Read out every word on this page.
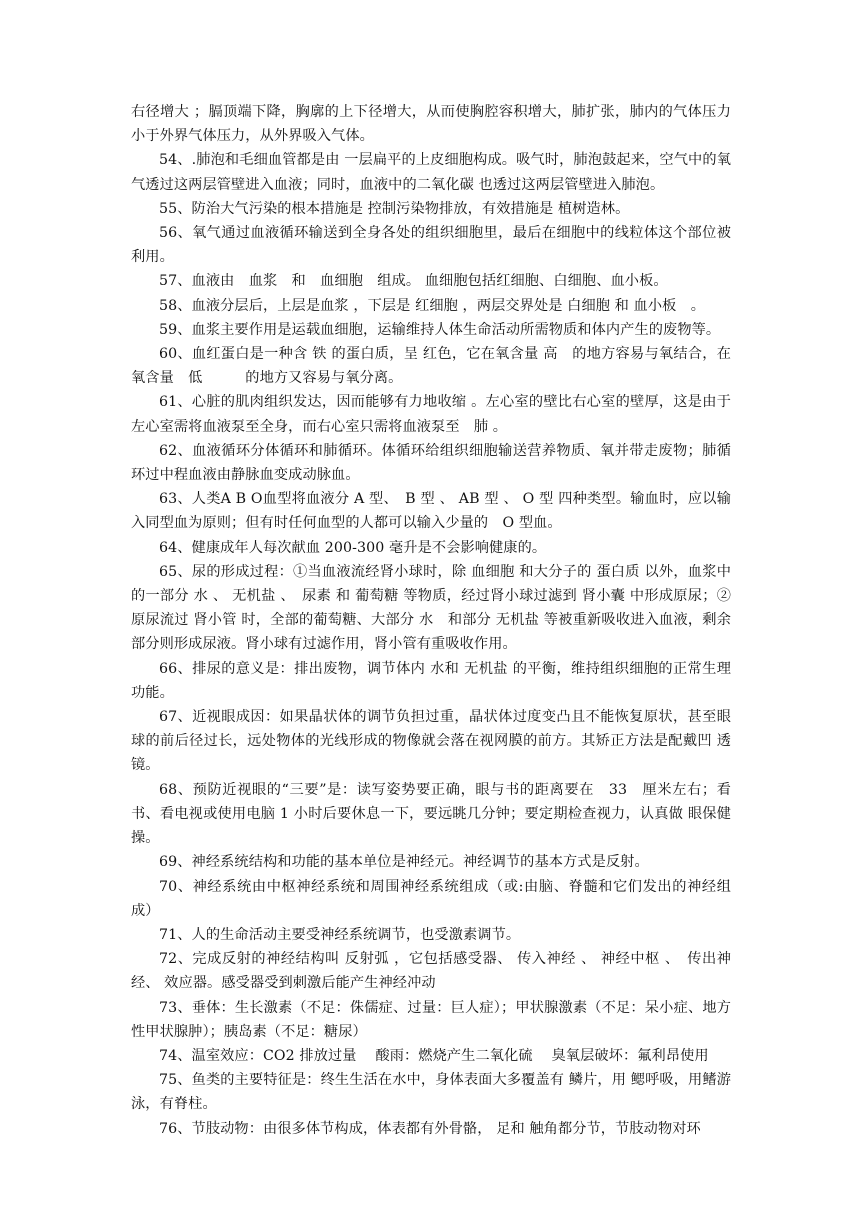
右径增大 ；膈顶端下降，胸廓的上下径增大，从而使胸腔容积增大，肺扩张，肺内的气体压力小于外界气体压力，从外界吸入气体。

54、.肺泡和毛细血管都是由 一层扁平的上皮细胞构成。吸气时，肺泡鼓起来，空气中的氧气透过这两层管壁进入血液；同时，血液中的二氧化碳 也透过这两层管壁进入肺泡。

55、防治大气污染的根本措施是 控制污染物排放，有效措施是 植树造林。

56、氧气通过血液循环输送到全身各处的组织细胞里，最后在细胞中的线粒体这个部位被利用。

57、血液由　血浆　和　血细胞　组成。 血细胞包括红细胞、白细胞、血小板。

58、血液分层后，上层是血浆 ，下层是 红细胞 ，两层交界处是 白细胞 和 血小板　。

59、血浆主要作用是运载血细胞，运输维持人体生命活动所需物质和体内产生的废物等。

60、血红蛋白是一种含 铁 的蛋白质，呈 红色，它在氧含量 高　的地方容易与氧结合，在氧含量　低　　　的地方又容易与氧分离。

61、心脏的肌肉组织发达，因而能够有力地收缩 。左心室的壁比右心室的壁厚，这是由于左心室需将血液泵至全身，而右心室只需将血液泵至　肺 。

62、血液循环分体循环和肺循环。体循环给组织细胞输送营养物质、氧并带走废物；肺循环过中程血液由静脉血变成动脉血。

63、人类A B O血型将血液分 A 型、　B 型 、 AB 型 、 O 型 四种类型。输血时，应以输入同型血为原则；但有时任何血型的人都可以输入少量的　O 型血。

64、健康成年人每次献血 200-300 毫升是不会影响健康的。

65、尿的形成过程：①当血液流经肾小球时，除 血细胞 和大分子的 蛋白质 以外，血浆中的一部分 水 、 无机盐 、　尿素 和 葡萄糖 等物质，经过肾小球过滤到 肾小囊 中形成原尿；②原尿流过 肾小管 时，全部的葡萄糖、大部分 水　和部分 无机盐 等被重新吸收进入血液，剩余部分则形成尿液。肾小球有过滤作用，肾小管有重吸收作用。

66、排尿的意义是：排出废物，调节体内 水和 无机盐 的平衡，维持组织细胞的正常生理功能。

67、近视眼成因：如果晶状体的调节负担过重，晶状体过度变凸且不能恢复原状，甚至眼球的前后径过长，远处物体的光线形成的物像就会落在视网膜的前方。其矫正方法是配戴凹 透镜。

68、预防近视眼的“三要”是：读写姿势要正确，眼与书的距离要在　33　厘米左右；看书、看电视或使用电脑 1 小时后要休息一下，要远眺几分钟；要定期检查视力，认真做 眼保健操。

69、神经系统结构和功能的基本单位是神经元。神经调节的基本方式是反射。

70、神经系统由中枢神经系统和周围神经系统组成（或:由脑、脊髓和它们发出的神经组成）

71、人的生命活动主要受神经系统调节，也受激素调节。

72、完成反射的神经结构叫 反射弧 ，它包括感受器、 传入神经 、 神经中枢 、　传出神经、 效应器。感受器受到刺激后能产生神经冲动

73、垂体：生长激素（不足：侏儒症、过量：巨人症）；甲状腺激素（不足：呆小症、地方性甲状腺肿）；胰岛素（不足：糖尿）

74、温室效应：CO2 排放过量　 酸雨：燃烧产生二氧化硫　 臭氧层破坏：氟利昂使用

75、鱼类的主要特征是：终生生活在水中，身体表面大多覆盖有 鳞片，用 鳃呼吸，用鳍游泳，有脊柱。

76、节肢动物：由很多体节构成，体表都有外骨骼， 足和 触角都分节，节肢动物对环
